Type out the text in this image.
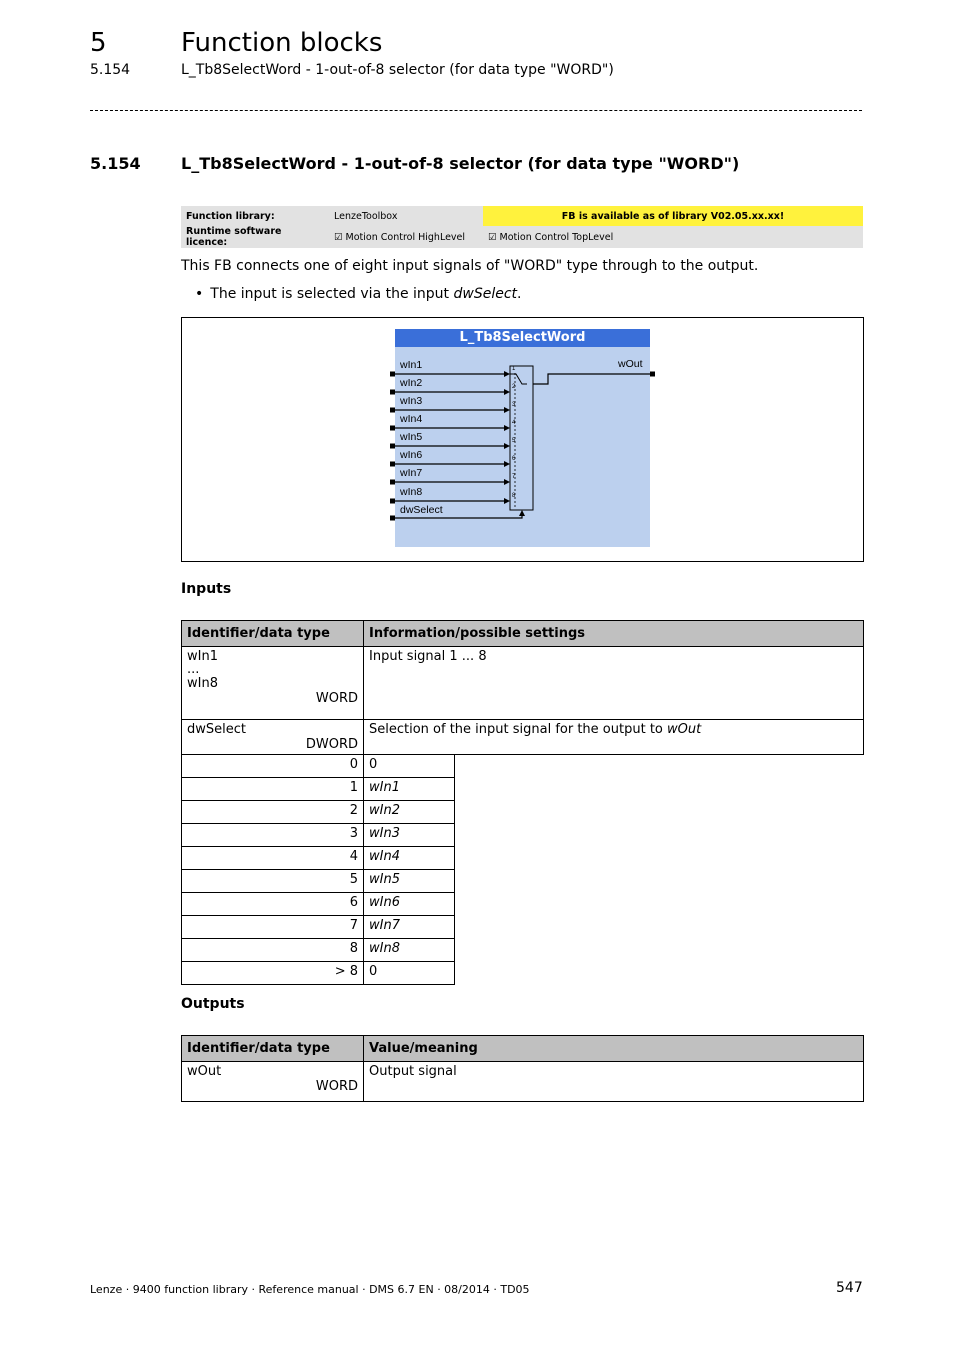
5	Function blocks
5.154	L_Tb8SelectWord - 1-out-of-8 selector (for data type "WORD")
5.154	L_Tb8SelectWord - 1-out-of-8 selector (for data type "WORD")
Function library:	LenzeToolbox	FB is available as of library V02.05.xx.xx!
Runtime software licence:	☑ Motion Control HighLevel	☑ Motion Control TopLevel
This FB connects one of eight input signals of "WORD" type through to the output.
• The input is selected via the input dwSelect.
L_Tb8SelectWord
wIn1	1
wIn2	2
wIn3	3
wIn4	4
wIn5	5
wIn6	6
wIn7	7
wIn8	8
dwSelect
wOut
Inputs
Identifier/data type	Information/possible settings

wIn1
...
wIn8
WORD	Input signal 1 ... 8

dwSelect
DWORD	Selection of the input signal for the output to wOut
0	0
1	wIn1
2	wIn2
3	wIn3
4	wIn4
5	wIn5
6	wIn6
7	wIn7
8	wIn8
> 8	0
Outputs
Identifier/data type	Value/meaning

wOut
WORD	Output signal
Lenze · 9400 function library · Reference manual · DMS 6.7 EN · 08/2014 · TD05	547
